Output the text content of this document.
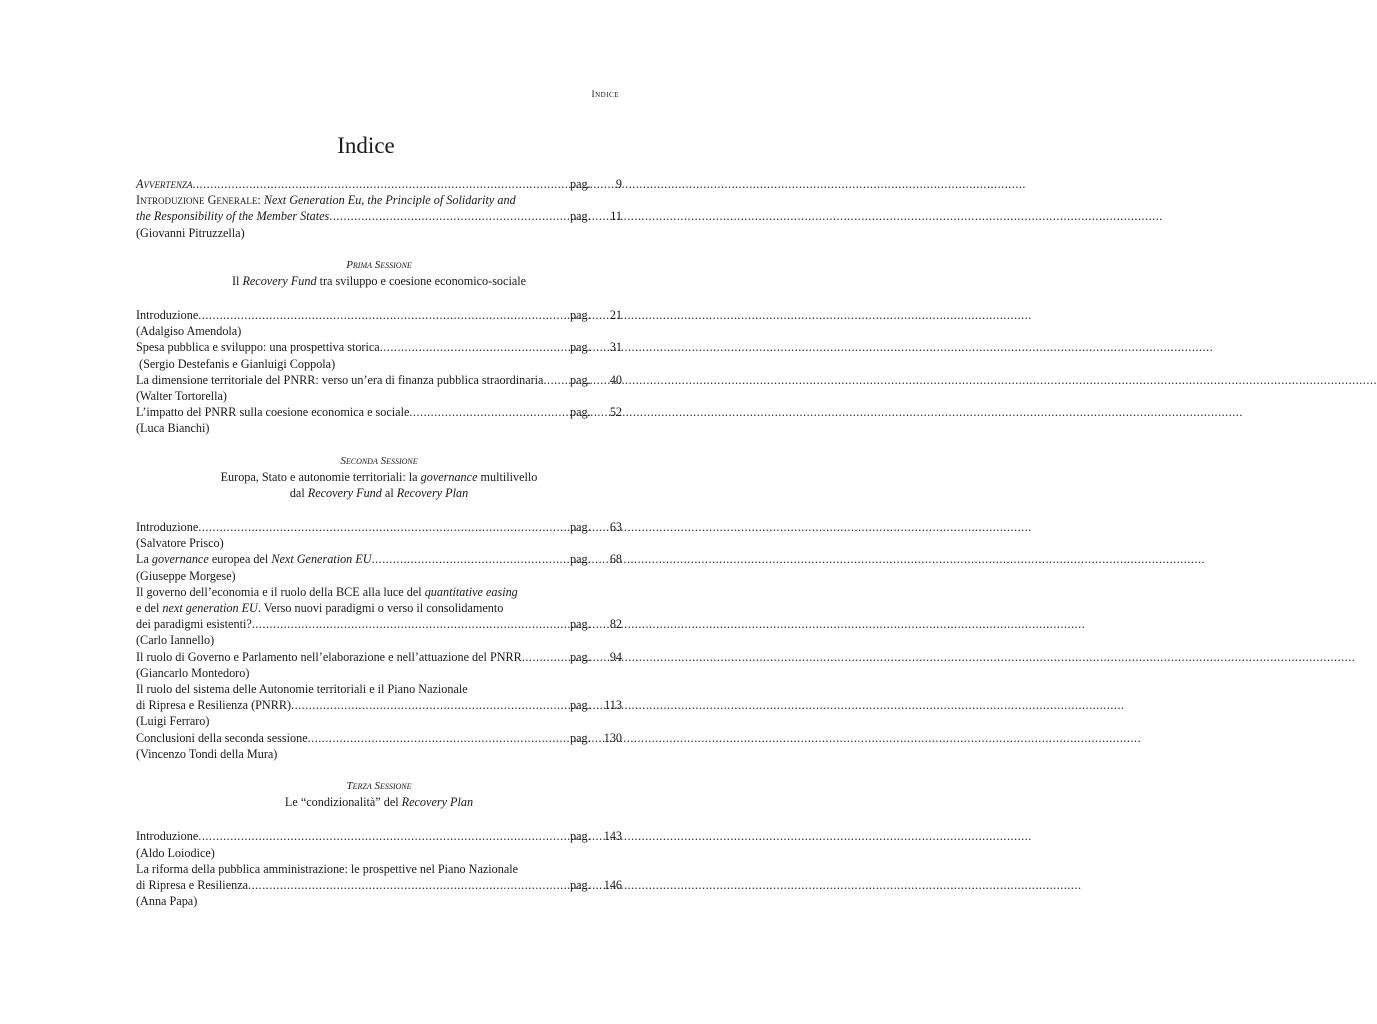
Indice
Indice
Avvertenza .....	pag.	9
Introduzione Generale: Next Generation Eu, the Principle of Solidarity and
the Responsibility of the Member States .....	pag.	11
(Giovanni Pitruzzella)
Prima Sessione
Il Recovery Fund tra sviluppo e coesione economico-sociale
Introduzione .....	pag.	21
(Adalgiso Amendola)
Spesa pubblica e sviluppo: una prospettiva storica .....	pag.	31
(Sergio Destefanis e Gianluigi Coppola)
La dimensione territoriale del PNRR: verso un’era di finanza pubblica straordinaria ..... pag.	40
(Walter Tortorella)
L’impatto del PNRR sulla coesione economica e sociale .....	pag.	52
(Luca Bianchi)
Seconda Sessione
Europa, Stato e autonomie territoriali: la governance multilivello
dal Recovery Fund al Recovery Plan
Introduzione .....	pag.	63
(Salvatore Prisco)
La governance europea del Next Generation EU .....	pag.	68
(Giuseppe Morgese)
Il governo dell’economia e il ruolo della BCE alla luce del quantitative easing
e del next generation EU. Verso nuovi paradigmi o verso il consolidamento
dei paradigmi esistenti? .....	pag.	82
(Carlo Iannello)
Il ruolo di Governo e Parlamento nell’elaborazione e nell’attuazione del PNRR .....	pag.	94
(Giancarlo Montedoro)
Il ruolo del sistema delle Autonomie territoriali e il Piano Nazionale
di Ripresa e Resilienza (PNRR) .....	pag.	113
(Luigi Ferraro)
Conclusioni della seconda sessione .....	pag.	130
(Vincenzo Tondi della Mura)
Terza Sessione
Le “condizionalità” del Recovery Plan
Introduzione .....	pag.	143
(Aldo Loiodice)
La riforma della pubblica amministrazione: le prospettive nel Piano Nazionale
di Ripresa e Resilienza .....	pag.	146
(Anna Papa)
